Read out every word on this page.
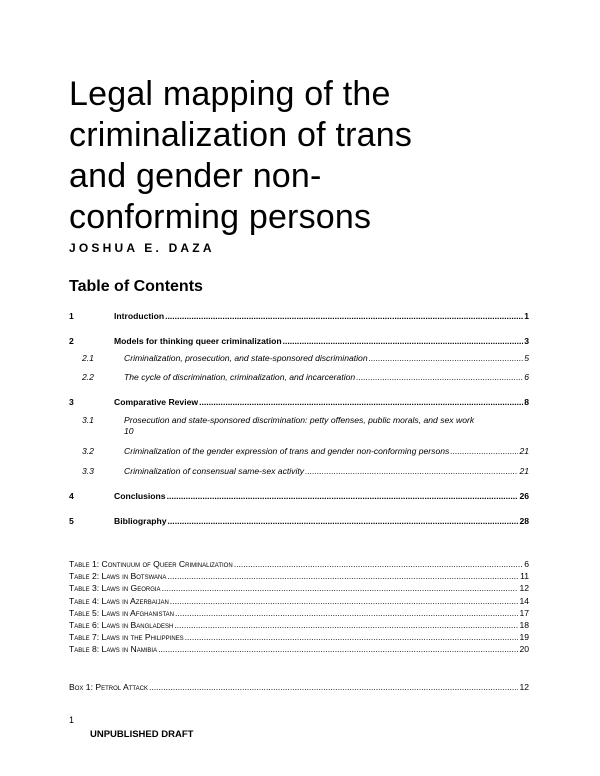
Legal mapping of the
criminalization of trans
and gender non-
conforming persons
JOSHUA E. DAZA
Table of Contents
1	Introduction .....	1
2	Models for thinking queer criminalization .....	3
2.1	Criminalization, prosecution, and state-sponsored discrimination .....	5
2.2	The cycle of discrimination, criminalization, and incarceration .....	6
3	Comparative Review .....	8
3.1	Prosecution and state-sponsored discrimination: petty offenses, public morals, and sex work
10
3.2	Criminalization of the gender expression of trans and gender non-conforming persons .....	21
3.3	Criminalization of consensual same-sex activity .....	21
4	Conclusions .....	26
5	Bibliography .....	28
Table 1: Continuum of Queer Criminalization .....	6
Table 2: Laws in Botswana .....	11
Table 3: Laws in Georgia .....	12
Table 4: Laws in Azerbaijan .....	14
Table 5: Laws in Afghanistan .....	17
Table 6: Laws in Bangladesh .....	18
Table 7: Laws in the Philippines .....	19
Table 8: Laws in Namibia .....	20
Box 1: Petrol Attack .....	12
1
UNPUBLISHED DRAFT
